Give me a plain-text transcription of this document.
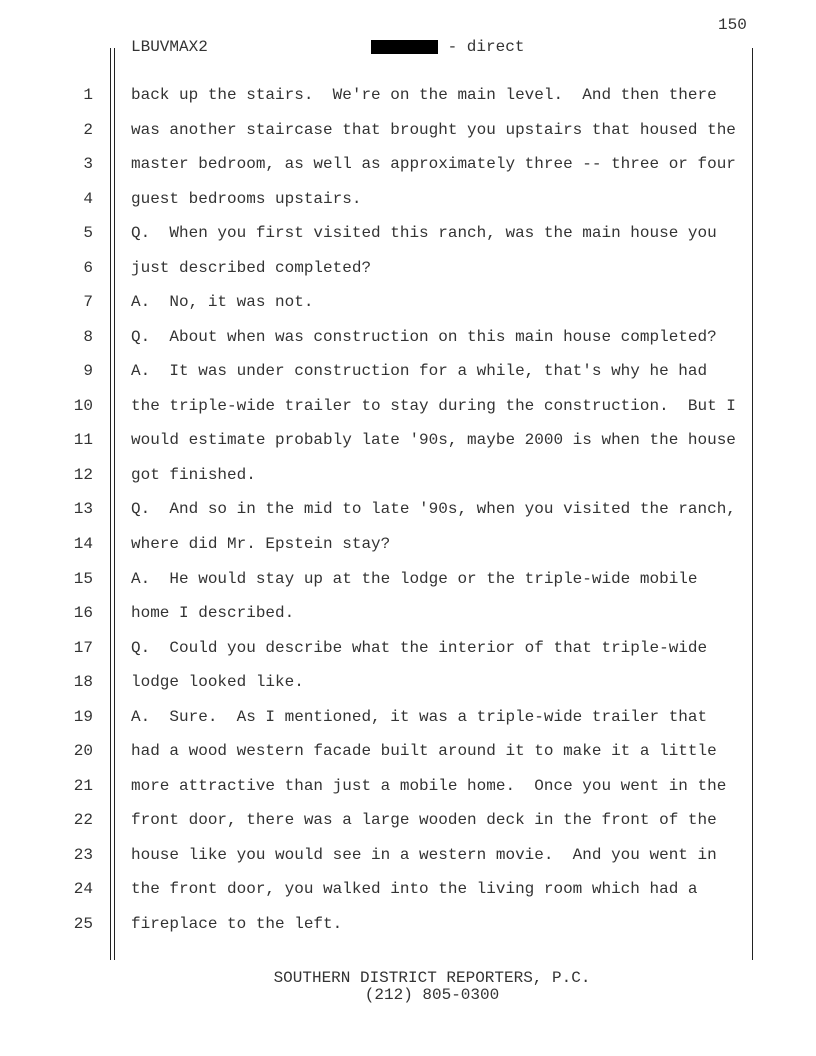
150
LBUVMAX2	- direct
1 back up the stairs.  We're on the main level.  And then there
2 was another staircase that brought you upstairs that housed the
3 master bedroom, as well as approximately three -- three or four
4 guest bedrooms upstairs.
5 Q.  When you first visited this ranch, was the main house you
6 just described completed?
7 A.  No, it was not.
8 Q.  About when was construction on this main house completed?
9 A.  It was under construction for a while, that's why he had
10 the triple-wide trailer to stay during the construction.  But I
11 would estimate probably late '90s, maybe 2000 is when the house
12 got finished.
13 Q.  And so in the mid to late '90s, when you visited the ranch,
14 where did Mr. Epstein stay?
15 A.  He would stay up at the lodge or the triple-wide mobile
16 home I described.
17 Q.  Could you describe what the interior of that triple-wide
18 lodge looked like.
19 A.  Sure.  As I mentioned, it was a triple-wide trailer that
20 had a wood western facade built around it to make it a little
21 more attractive than just a mobile home.  Once you went in the
22 front door, there was a large wooden deck in the front of the
23 house like you would see in a western movie.  And you went in
24 the front door, you walked into the living room which had a
25 fireplace to the left.
SOUTHERN DISTRICT REPORTERS, P.C.
(212) 805-0300
